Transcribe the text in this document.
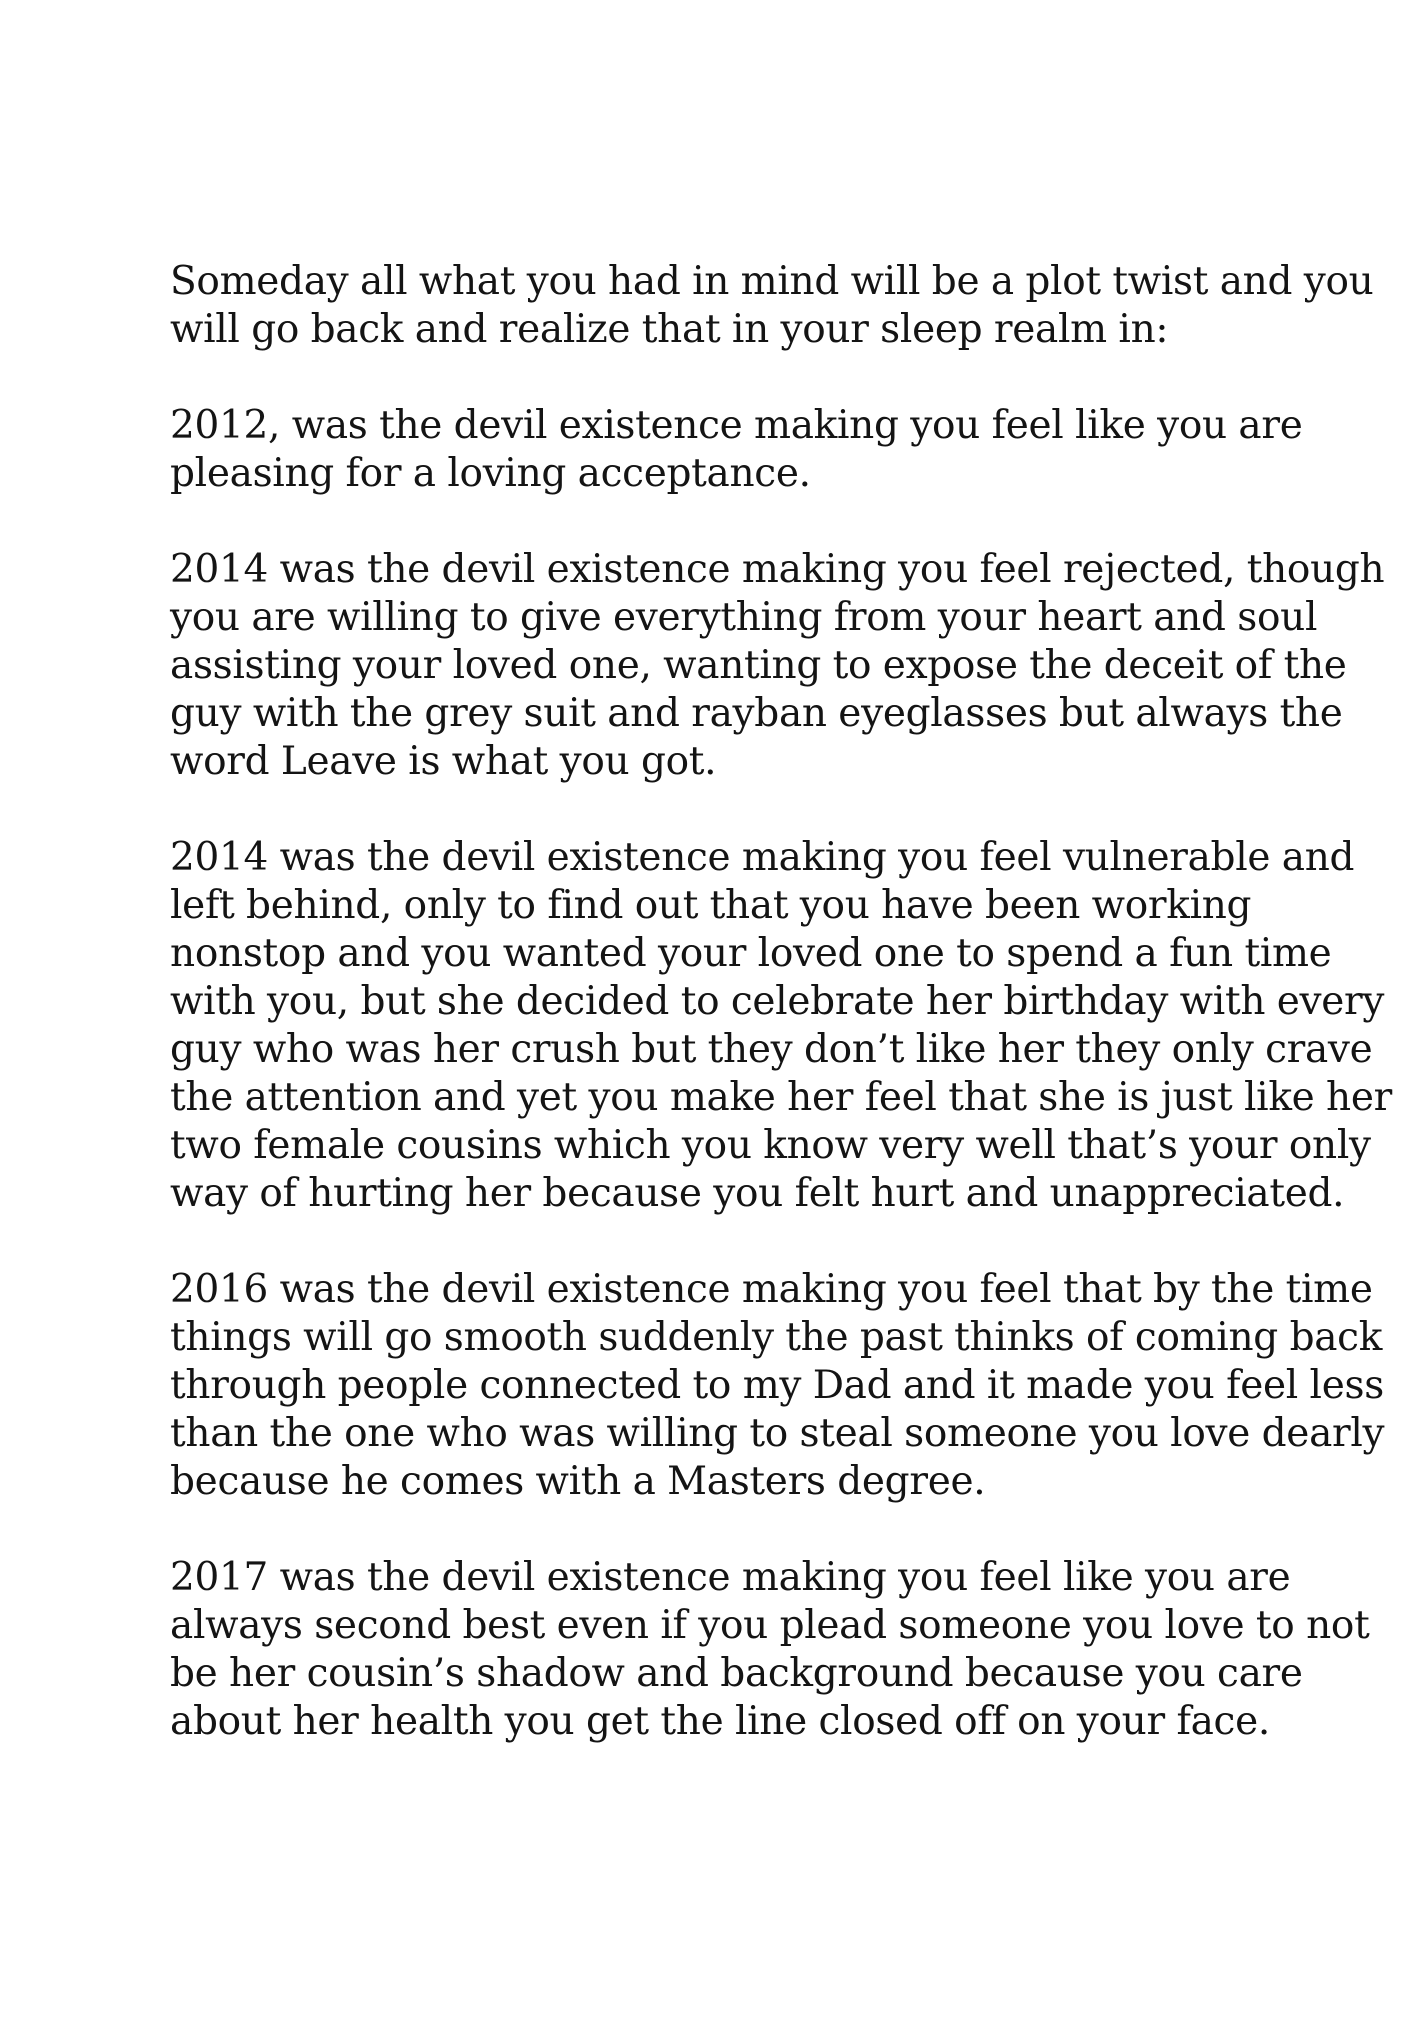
Someday all what you had in mind will be a plot twist and you
will go back and realize that in your sleep realm in:

2012, was the devil existence making you feel like you are
pleasing for a loving acceptance.

2014 was the devil existence making you feel rejected, though
you are willing to give everything from your heart and soul
assisting your loved one, wanting to expose the deceit of the
guy with the grey suit and rayban eyeglasses but always the
word Leave is what you got.

2014 was the devil existence making you feel vulnerable and
left behind, only to find out that you have been working
nonstop and you wanted your loved one to spend a fun time
with you, but she decided to celebrate her birthday with every
guy who was her crush but they don’t like her they only crave
the attention and yet you make her feel that she is just like her
two female cousins which you know very well that’s your only
way of hurting her because you felt hurt and unappreciated.

2016 was the devil existence making you feel that by the time
things will go smooth suddenly the past thinks of coming back
through people connected to my Dad and it made you feel less
than the one who was willing to steal someone you love dearly
because he comes with a Masters degree.

2017 was the devil existence making you feel like you are
always second best even if you plead someone you love to not
be her cousin’s shadow and background because you care
about her health you get the line closed off on your face.
